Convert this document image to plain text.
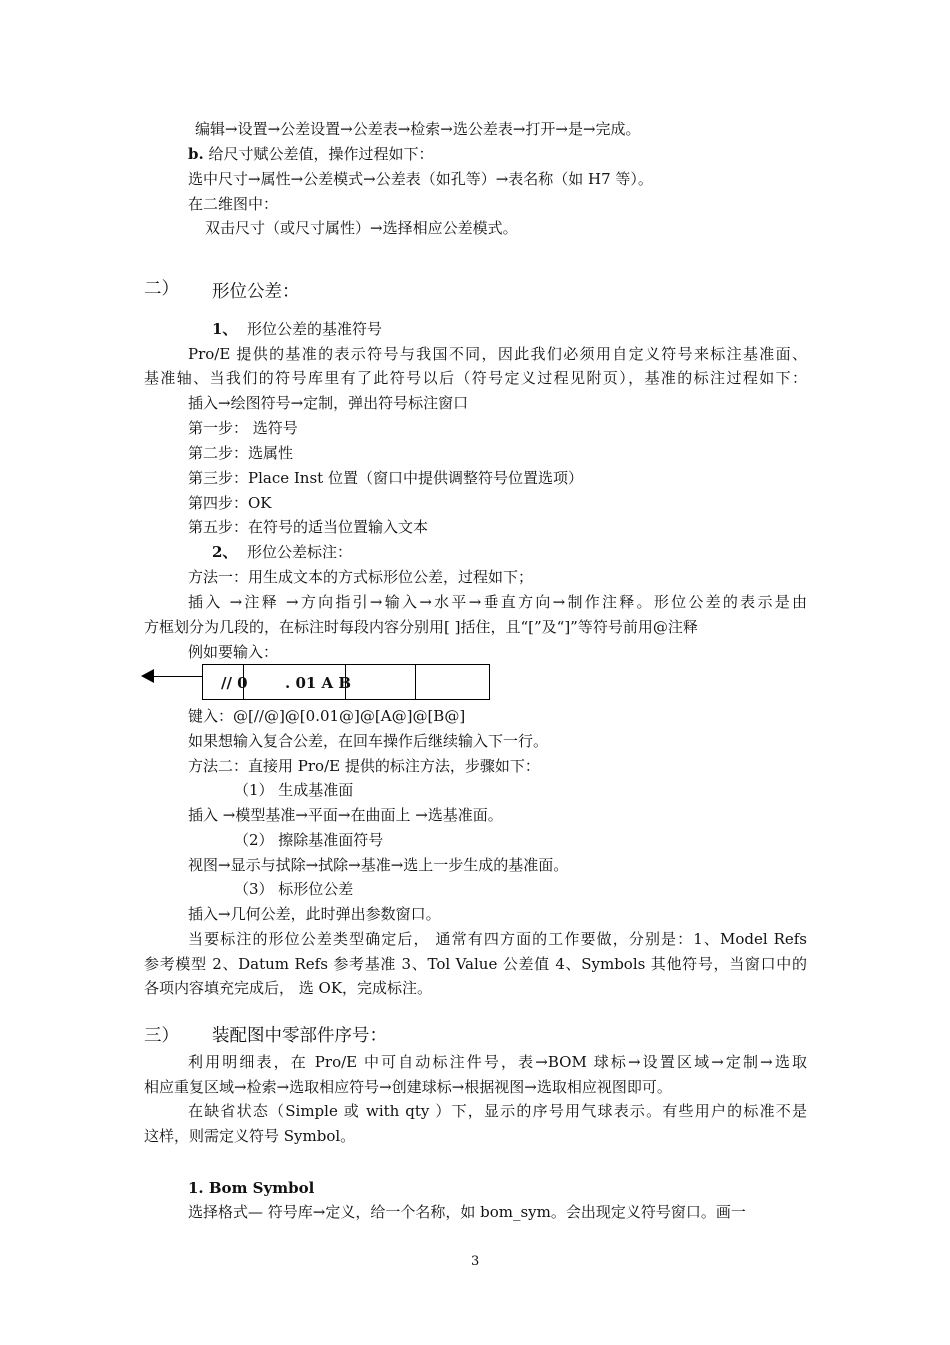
编辑→设置→公差设置→公差表→检索→选公差表→打开→是→完成。
b. 给尺寸赋公差值，操作过程如下：
选中尺寸→属性→公差模式→公差表（如孔等）→表名称（如 H7 等）。
在二维图中：
双击尺寸（或尺寸属性）→选择相应公差模式。
二） 形位公差：
1、 形位公差的基准符号
Pro/E 提供的基准的表示符号与我国不同，因此我们必须用自定义符号来标注基准面、
基准轴、当我们的符号库里有了此符号以后（符号定义过程见附页），基准的标注过程如下：
插入→绘图符号→定制，弹出符号标注窗口
第一步： 选符号
第二步：选属性
第三步：Place Inst 位置（窗口中提供调整符号位置选项）
第四步：OK
第五步：在符号的适当位置输入文本
2、 形位公差标注：
方法一：用生成文本的方式标形位公差，过程如下；
插入 →注释 →方向指引→输入→水平→垂直方向→制作注释。形位公差的表示是由
方框划分为几段的，在标注时每段内容分别用[ ]括住，且“[”及“]”等符号前用@注释
例如要输入：
// 0 . 01 A B
键入：@[//@]@[0.01@]@[A@]@[B@]
如果想输入复合公差，在回车操作后继续输入下一行。
方法二：直接用 Pro/E 提供的标注方法，步骤如下：
（1） 生成基准面
插入 →模型基准→平面→在曲面上 →选基准面。
（2） 擦除基准面符号
视图→显示与拭除→拭除→基准→选上一步生成的基准面。
（3） 标形位公差
插入→几何公差，此时弹出参数窗口。
当要标注的形位公差类型确定后， 通常有四方面的工作要做，分别是：1、Model Refs
参考模型 2、Datum Refs 参考基准 3、Tol Value 公差值 4、Symbols 其他符号，当窗口中的
各项内容填充完成后， 选 OK，完成标注。
三） 装配图中零部件序号：
利用明细表，在 Pro/E 中可自动标注件号，表→BOM 球标→设置区域→定制→选取
相应重复区域→检索→选取相应符号→创建球标→根据视图→选取相应视图即可。
在缺省状态（Simple 或 with qty ）下，显示的序号用气球表示。有些用户的标准不是
这样，则需定义符号 Symbol。
1. Bom Symbol
选择格式— 符号库→定义，给一个名称，如 bom_sym。会出现定义符号窗口。画一
3
